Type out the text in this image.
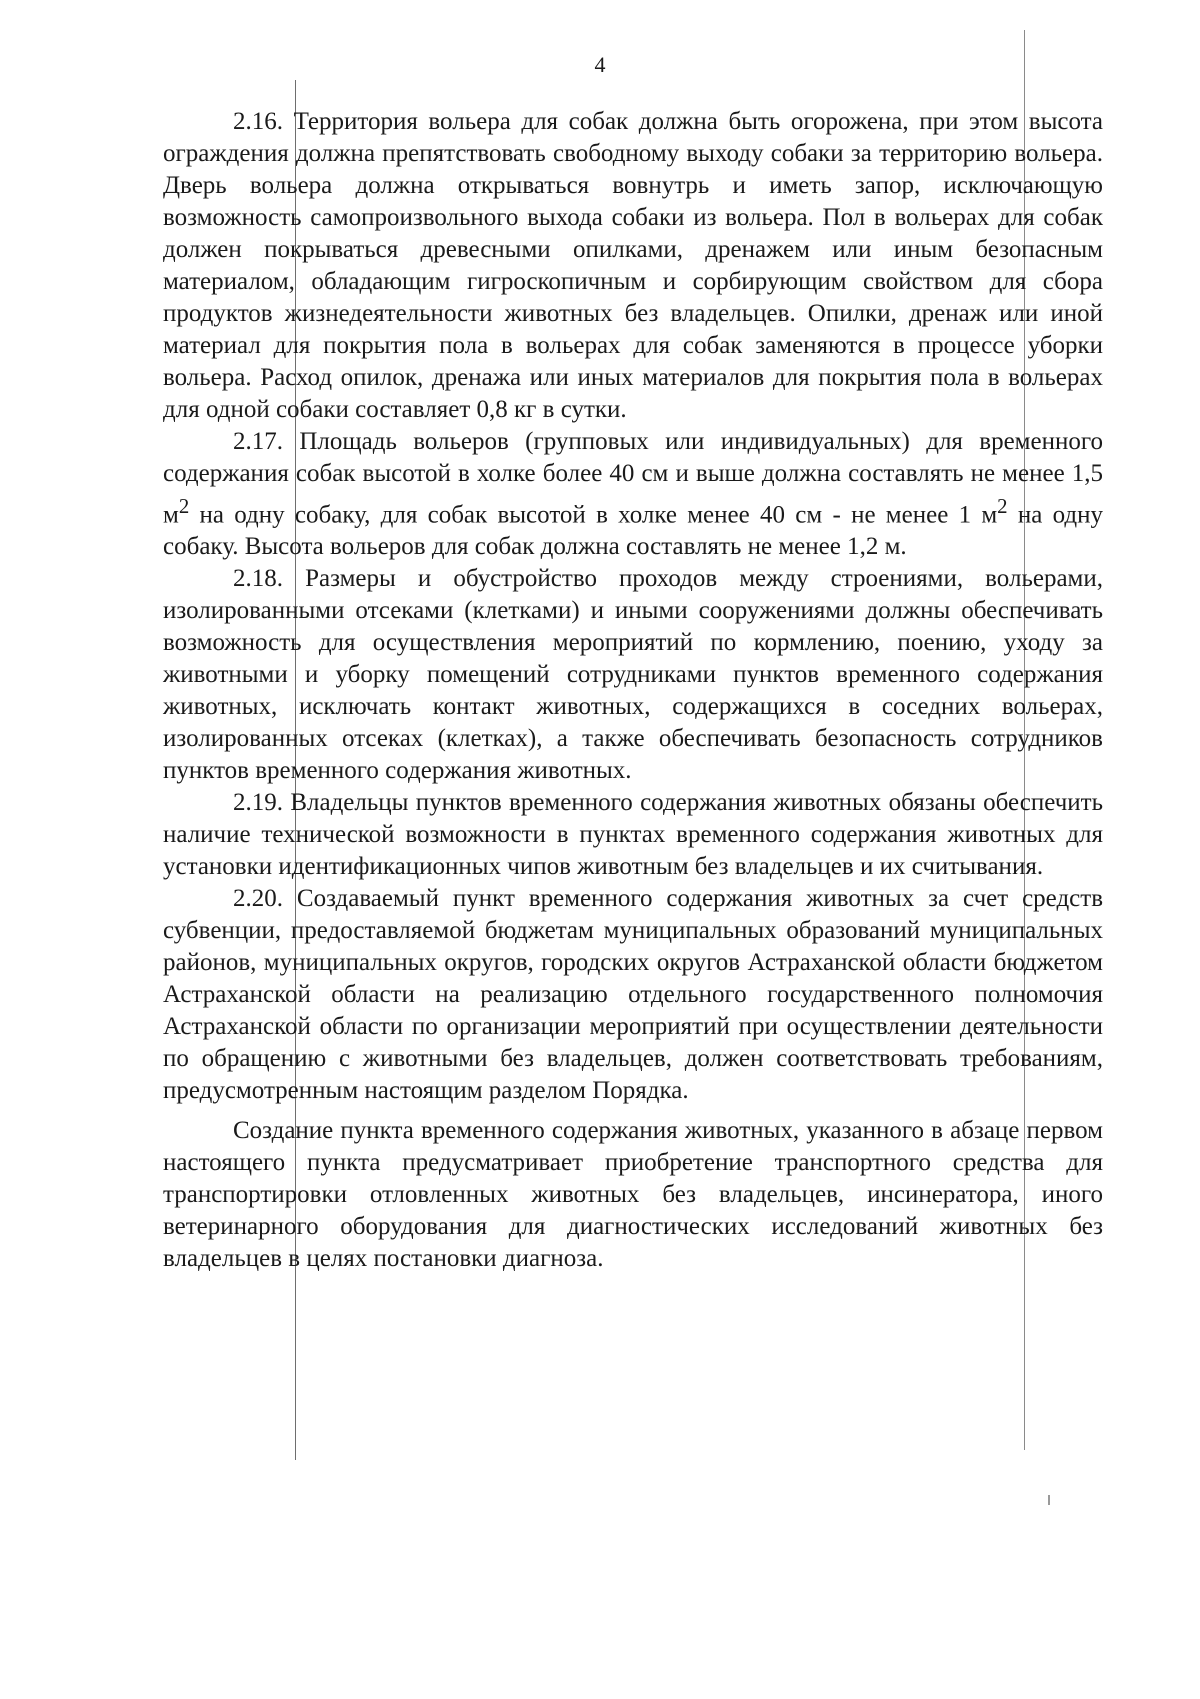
4

2.16. Территория вольера для собак должна быть огорожена, при этом высота ограждения должна препятствовать свободному выходу собаки за территорию вольера. Дверь вольера должна открываться вовнутрь и иметь запор, исключающую возможность самопроизвольного выхода собаки из вольера. Пол в вольерах для собак должен покрываться древесными опилками, дренажем или иным безопасным материалом, обладающим гигроскопичным и сорбирующим свойством для сбора продуктов жизнедеятельности животных без владельцев. Опилки, дренаж или иной материал для покрытия пола в вольерах для собак заменяются в процессе уборки вольера. Расход опилок, дренажа или иных материалов для покрытия пола в вольерах для одной собаки составляет 0,8 кг в сутки.

2.17. Площадь вольеров (групповых или индивидуальных) для временного содержания собак высотой в холке более 40 см и выше должна составлять не менее 1,5 $м^2$ на одну собаку, для собак высотой в холке менее 40 см - не менее 1 $м^2$ на одну собаку. Высота вольеров для собак должна составлять не менее 1,2 м.

2.18. Размеры и обустройство проходов между строениями, вольерами, изолированными отсеками (клетками) и иными сооружениями должны обеспечивать возможность для осуществления мероприятий по кормлению, поению, уходу за животными и уборку помещений сотрудниками пунктов временного содержания животных, исключать контакт животных, содержащихся в соседних вольерах, изолированных отсеках (клетках), а также обеспечивать безопасность сотрудников пунктов временного содержания животных.

2.19. Владельцы пунктов временного содержания животных обязаны обеспечить наличие технической возможности в пунктах временного содержания животных для установки идентификационных чипов животным без владельцев и их считывания.

2.20. Создаваемый пункт временного содержания животных за счет средств субвенции, предоставляемой бюджетам муниципальных образований муниципальных районов, муниципальных округов, городских округов Астраханской области бюджетом Астраханской области на реализацию отдельного государственного полномочия Астраханской области по организации мероприятий при осуществлении деятельности по обращению с животными без владельцев, должен соответствовать требованиям, предусмотренным настоящим разделом Порядка.

Создание пункта временного содержания животных, указанного в абзаце первом настоящего пункта предусматривает приобретение транспортного средства для транспортировки отловленных животных без владельцев, инсинератора, иного ветеринарного оборудования для диагностических исследований животных без владельцев в целях постановки диагноза.
